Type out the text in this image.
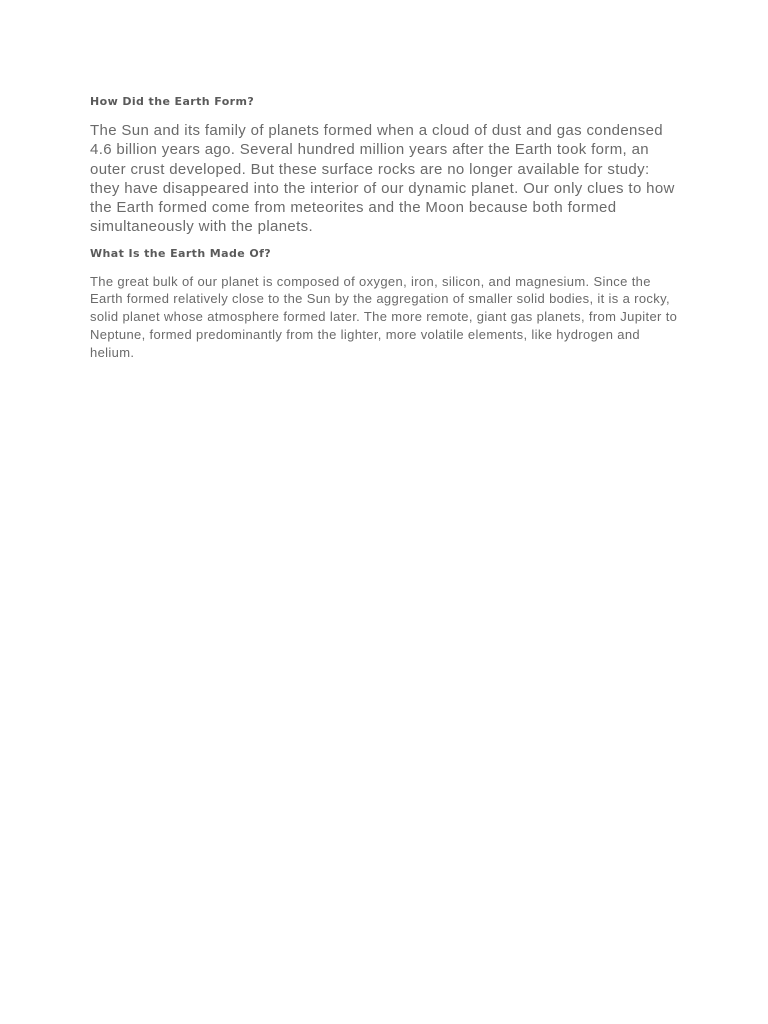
How Did the Earth Form?

The Sun and its family of planets formed when a cloud of dust and gas condensed 4.6 billion years ago. Several hundred million years after the Earth took form, an outer crust developed. But these surface rocks are no longer available for study: they have disappeared into the interior of our dynamic planet. Our only clues to how the Earth formed come from meteorites and the Moon because both formed simultaneously with the planets.

What Is the Earth Made Of?

The great bulk of our planet is composed of oxygen, iron, silicon, and magnesium. Since the Earth formed relatively close to the Sun by the aggregation of smaller solid bodies, it is a rocky, solid planet whose atmosphere formed later. The more remote, giant gas planets, from Jupiter to Neptune, formed predominantly from the lighter, more volatile elements, like hydrogen and helium.
